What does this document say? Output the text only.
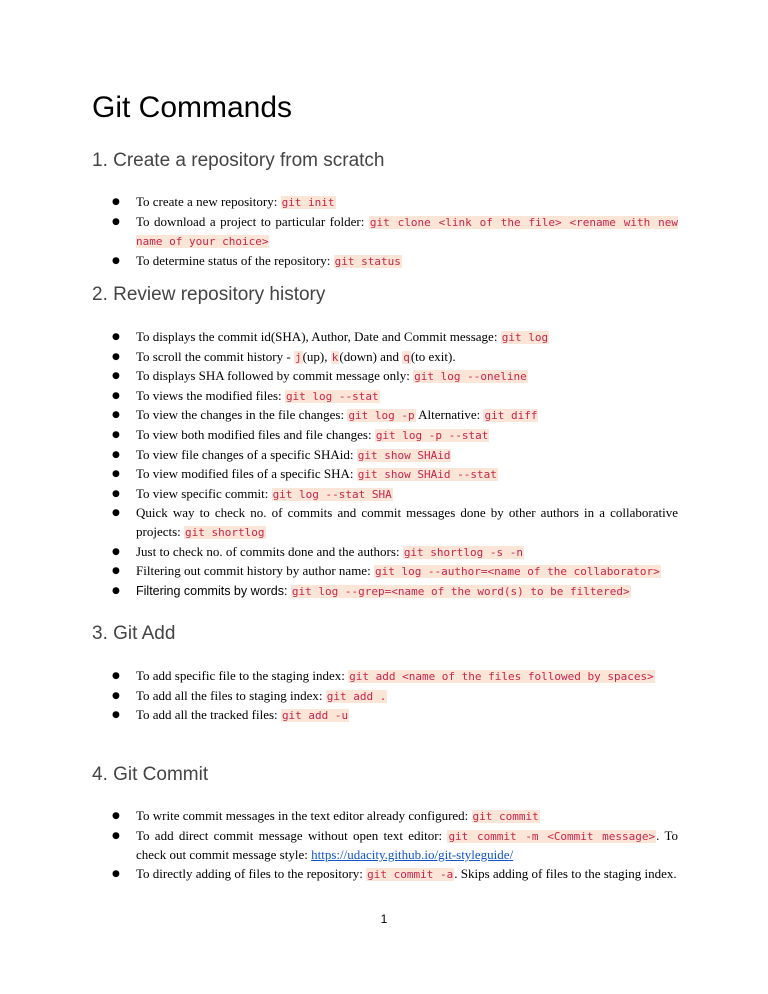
Git Commands
1. Create a repository from scratch
● To create a new repository: git init
● To download a project to particular folder: git clone <link of the file> <rename with new name of your choice>
● To determine status of the repository: git status
2. Review repository history
● To displays the commit id(SHA), Author, Date and Commit message: git log
● To scroll the commit history - j(up), k(down) and q(to exit).
● To displays SHA followed by commit message only: git log --oneline
● To views the modified files: git log --stat
● To view the changes in the file changes: git log -p Alternative: git diff
● To view both modified files and file changes: git log -p --stat
● To view file changes of a specific SHAid: git show SHAid
● To view modified files of a specific SHA: git show SHAid --stat
● To view specific commit: git log --stat SHA
● Quick way to check no. of commits and commit messages done by other authors in a collaborative projects: git shortlog
● Just to check no. of commits done and the authors: git shortlog -s -n
● Filtering out commit history by author name: git log --author=<name of the collaborator>
● Filtering commits by words: git log --grep=<name of the word(s) to be filtered>
3. Git Add
● To add specific file to the staging index: git add <name of the files followed by spaces>
● To add all the files to staging index: git add .
● To add all the tracked files: git add -u
4. Git Commit
● To write commit messages in the text editor already configured: git commit
● To add direct commit message without open text editor: git commit -m <Commit message>. To check out commit message style: https://udacity.github.io/git-styleguide/
● To directly adding of files to the repository: git commit -a. Skips adding of files to the staging index.
1
